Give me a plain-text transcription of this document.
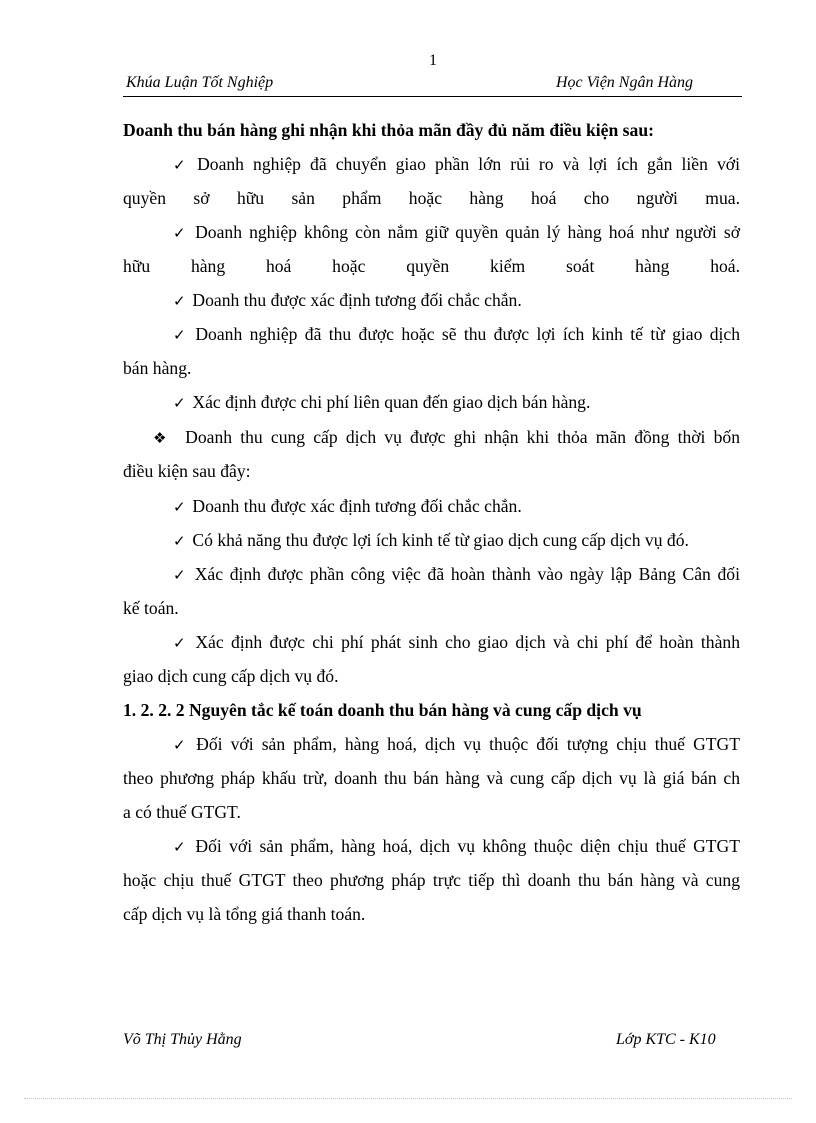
1
Khúa Luận Tốt Nghiệp	Học Viện Ngân Hàng
Doanh thu bán hàng ghi nhận khi thỏa mãn đầy đủ năm điều kiện sau:
✓ Doanh nghiệp đã chuyển giao phần lớn rủi ro và lợi ích gắn liền với
quyền sở hữu sản phẩm hoặc hàng hoá cho người mua.
✓ Doanh nghiệp không còn nắm giữ quyền quản lý hàng hoá như người sở
hữu hàng hoá hoặc quyền kiểm soát hàng hoá.
✓ Doanh thu được xác định tương đối chắc chắn.
✓ Doanh nghiệp đã thu được hoặc sẽ thu được lợi ích kinh tế từ giao dịch
bán hàng.
✓ Xác định được chi phí liên quan đến giao dịch bán hàng.
❖ Doanh thu cung cấp dịch vụ được ghi nhận khi thỏa mãn đồng thời bốn
điều kiện sau đây:
✓ Doanh thu được xác định tương đối chắc chắn.
✓ Có khả năng thu được lợi ích kinh tế từ giao dịch cung cấp dịch vụ đó.
✓ Xác định được phần công việc đã hoàn thành vào ngày lập Bảng Cân đối
kế toán.
✓ Xác định được chi phí phát sinh cho giao dịch và chi phí để hoàn thành
giao dịch cung cấp dịch vụ đó.
1. 2. 2. 2 Nguyên tắc kế toán doanh thu bán hàng và cung cấp dịch vụ
✓ Đối với sản phẩm, hàng hoá, dịch vụ thuộc đối tượng chịu thuế GTGT
theo phương pháp khấu trừ, doanh thu bán hàng và cung cấp dịch vụ là giá bán ch
a có thuế GTGT.
✓ Đối với sản phẩm, hàng hoá, dịch vụ không thuộc diện chịu thuế GTGT
hoặc chịu thuế GTGT theo phương pháp trực tiếp thì doanh thu bán hàng và cung
cấp dịch vụ là tổng giá thanh toán.
Võ Thị Thủy Hằng	Lớp KTC - K10
